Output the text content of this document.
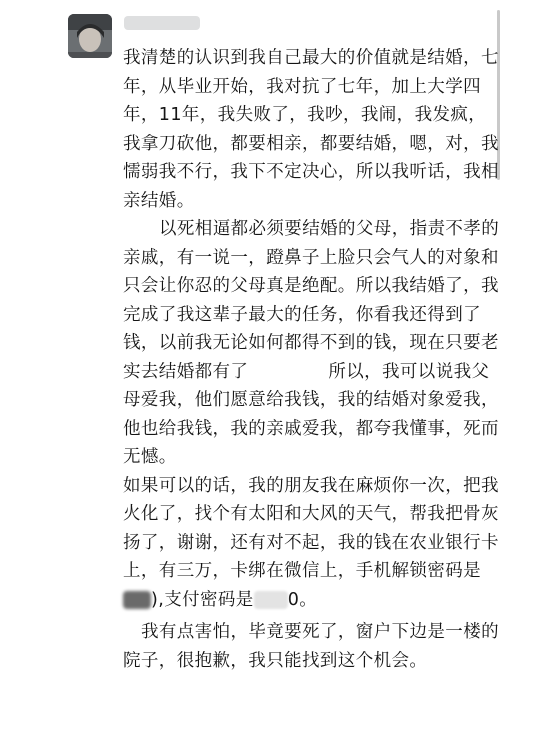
我清楚的认识到我自己最大的价值就是结婚，七年，从毕业开始，我对抗了七年，加上大学四年，11年，我失败了，我吵，我闹，我发疯，我拿刀砍他，都要相亲，都要结婚，嗯，对，我懦弱我不行，我下不定决心，所以我听话，我相亲结婚。

以死相逼都必须要结婚的父母，指责不孝的亲戚，有一说一，蹬鼻子上脸只会气人的对象和只会让你忍的父母真是绝配。所以我结婚了，我完成了我这辈子最大的任务，你看我还得到了钱，以前我无论如何都得不到的钱，现在只要老实去结婚都有了	所以，我可以说我父母爱我，他们愿意给我钱，我的结婚对象爱我，他也给我钱，我的亲戚爱我，都夸我懂事，死而无憾。

如果可以的话，我的朋友我在麻烦你一次，把我火化了，找个有太阳和大风的天气，帮我把骨灰扬了，谢谢，还有对不起，我的钱在农业银行卡上，有三万，卡绑在微信上，手机解锁密码是),支付密码是 0。

我有点害怕，毕竟要死了，窗户下边是一楼的院子，很抱歉，我只能找到这个机会。
